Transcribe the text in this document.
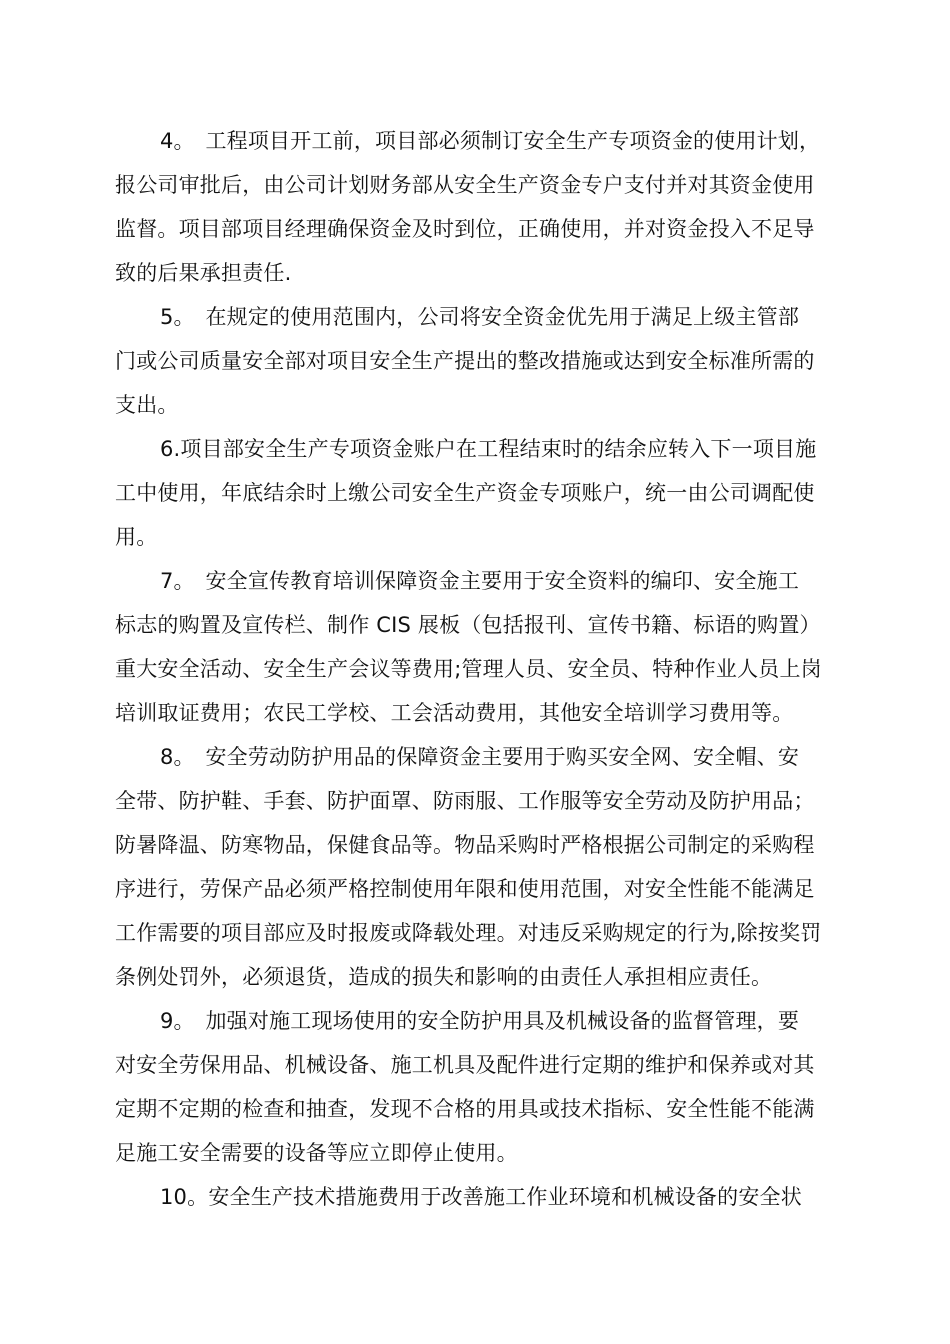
4。　工程项目开工前，项目部必须制订安全生产专项资金的使用计划，
报公司审批后，由公司计划财务部从安全生产资金专户支付并对其资金使用
监督。项目部项目经理确保资金及时到位，正确使用，并对资金投入不足导
致的后果承担责任.
5。　在规定的使用范围内，公司将安全资金优先用于满足上级主管部
门或公司质量安全部对项目安全生产提出的整改措施或达到安全标准所需的
支出。
6.项目部安全生产专项资金账户在工程结束时的结余应转入下一项目施
工中使用，年底结余时上缴公司安全生产资金专项账户，统一由公司调配使
用。
7。　安全宣传教育培训保障资金主要用于安全资料的编印、安全施工
标志的购置及宣传栏、制作 CIS 展板（包括报刊、宣传书籍、标语的购置）
重大安全活动、安全生产会议等费用;管理人员、安全员、特种作业人员上岗
培训取证费用；农民工学校、工会活动费用，其他安全培训学习费用等。
8。　安全劳动防护用品的保障资金主要用于购买安全网、安全帽、安
全带、防护鞋、手套、防护面罩、防雨服、工作服等安全劳动及防护用品；
防暑降温、防寒物品，保健食品等。物品采购时严格根据公司制定的采购程
序进行，劳保产品必须严格控制使用年限和使用范围，对安全性能不能满足
工作需要的项目部应及时报废或降载处理。对违反采购规定的行为,除按奖罚
条例处罚外，必须退货，造成的损失和影响的由责任人承担相应责任。
9。　加强对施工现场使用的安全防护用具及机械设备的监督管理，要
对安全劳保用品、机械设备、施工机具及配件进行定期的维护和保养或对其
定期不定期的检查和抽查，发现不合格的用具或技术指标、安全性能不能满
足施工安全需要的设备等应立即停止使用。
10。安全生产技术措施费用于改善施工作业环境和机械设备的安全状
